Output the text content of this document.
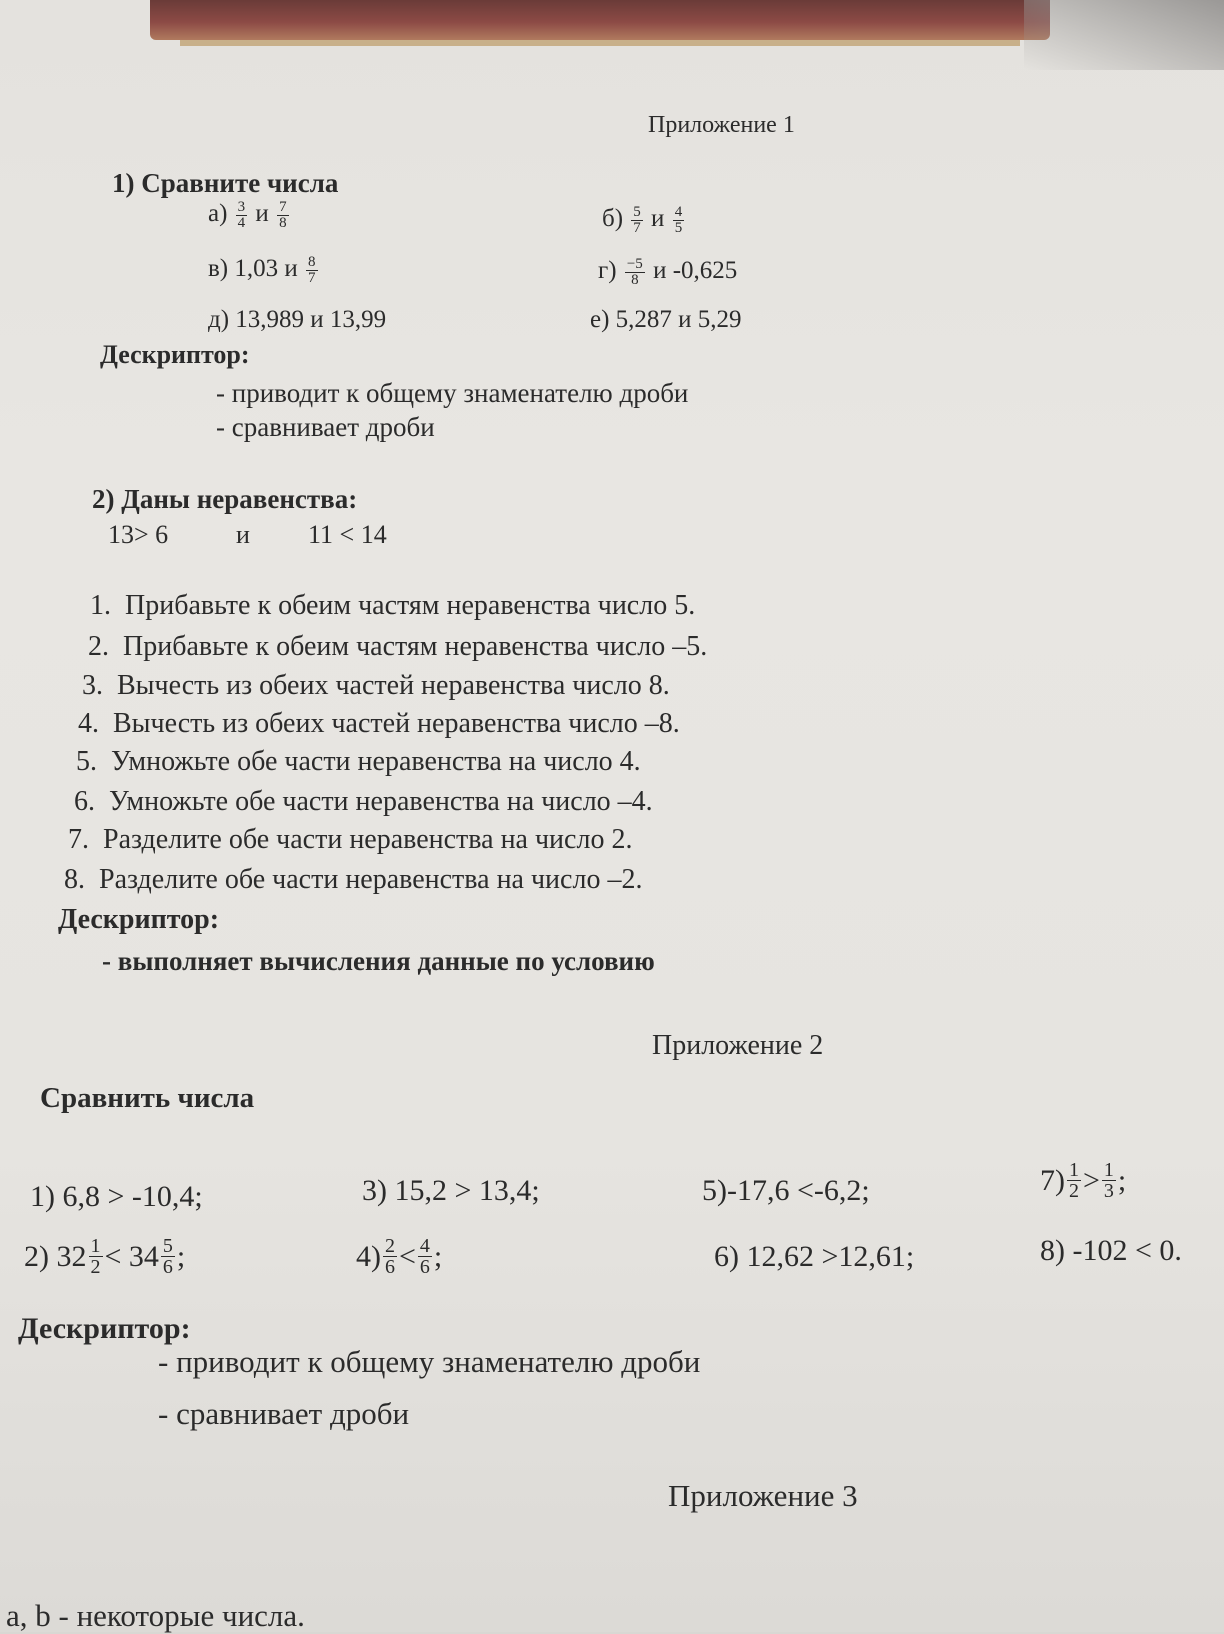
Приложение 1
1) Сравните числа
$а) \frac{3}{4}$ и $\frac{7}{8}$	$б) \frac{5}{7}$ и $\frac{4}{5}$
в) 1,03 и $\frac{8}{7}$	$г) \frac{-5}{8}$ и -0,625
д) 13,989 и 13,99	е) 5,287 и 5,29
Дескриптор:
- приводит к общему знаменателю дроби
- сравнивает дроби
2) Даны неравенства:
13> 6	и 11 < 14
1. Прибавьте к обеим частям неравенства число 5.
2. Прибавьте к обеим частям неравенства число –5.
3. Вычесть из обеих частей неравенства число 8.
4. Вычесть из обеих частей неравенства число –8.
5. Умножьте обе части неравенства на число 4.
6. Умножьте обе части неравенства на число –4.
7. Разделите обе части неравенства на число 2.
8. Разделите обе части неравенства на число –2.
Дескриптор:
- выполняет вычисления данные по условию
Приложение 2
Сравнить числа
1) 6,8 > -10,4;	3) 15,2 > 13,4;	5)-17,6 <-6,2;	$7) \frac{1}{2} > \frac{1}{3}$ ;
2) $32 \frac{1}{2} < 34 \frac{5}{6}$ ;	$4) \frac{2}{6} < \frac{4}{6}$ ;	6) 12,62 >12,61;	8) -102 < 0.
Дескриптор:
- приводит к общему знаменателю дроби
- сравнивает дроби
Приложение 3
a, b - некоторые числа.
